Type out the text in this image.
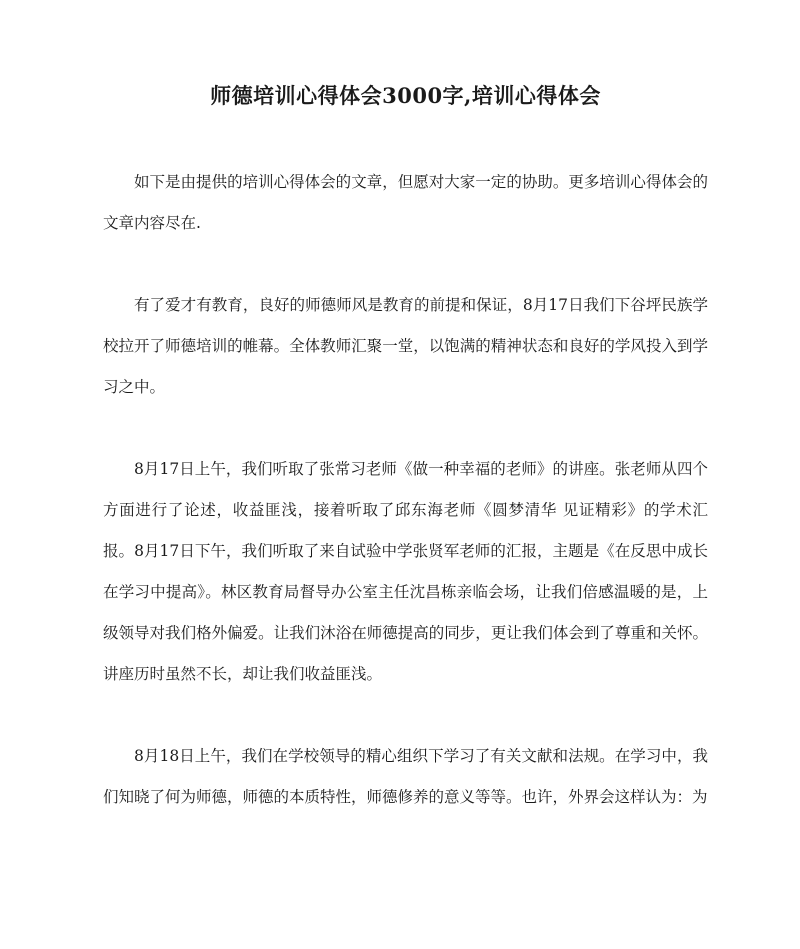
师德培训心得体会3000字,培训心得体会

如下是由提供的培训心得体会的文章，但愿对大家一定的协助。更多培训心得体会的文章内容尽在.

有了爱才有教育，良好的师德师风是教育的前提和保证，8月17日我们下谷坪民族学校拉开了师德培训的帷幕。全体教师汇聚一堂，以饱满的精神状态和良好的学风投入到学习之中。

8月17日上午，我们听取了张常习老师《做一种幸福的老师》的讲座。张老师从四个方面进行了论述，收益匪浅，接着听取了邱东海老师《圆梦清华 见证精彩》的学术汇报。8月17日下午，我们听取了来自试验中学张贤军老师的汇报，主题是《在反思中成长 在学习中提高》。林区教育局督导办公室主任沈昌栋亲临会场，让我们倍感温暖的是，上级领导对我们格外偏爱。让我们沐浴在师德提高的同步，更让我们体会到了尊重和关怀。讲座历时虽然不长，却让我们收益匪浅。

8月18日上午，我们在学校领导的精心组织下学习了有关文献和法规。在学习中，我们知晓了何为师德，师德的本质特性，师德修养的意义等等。也许，外界会这样认为：为
